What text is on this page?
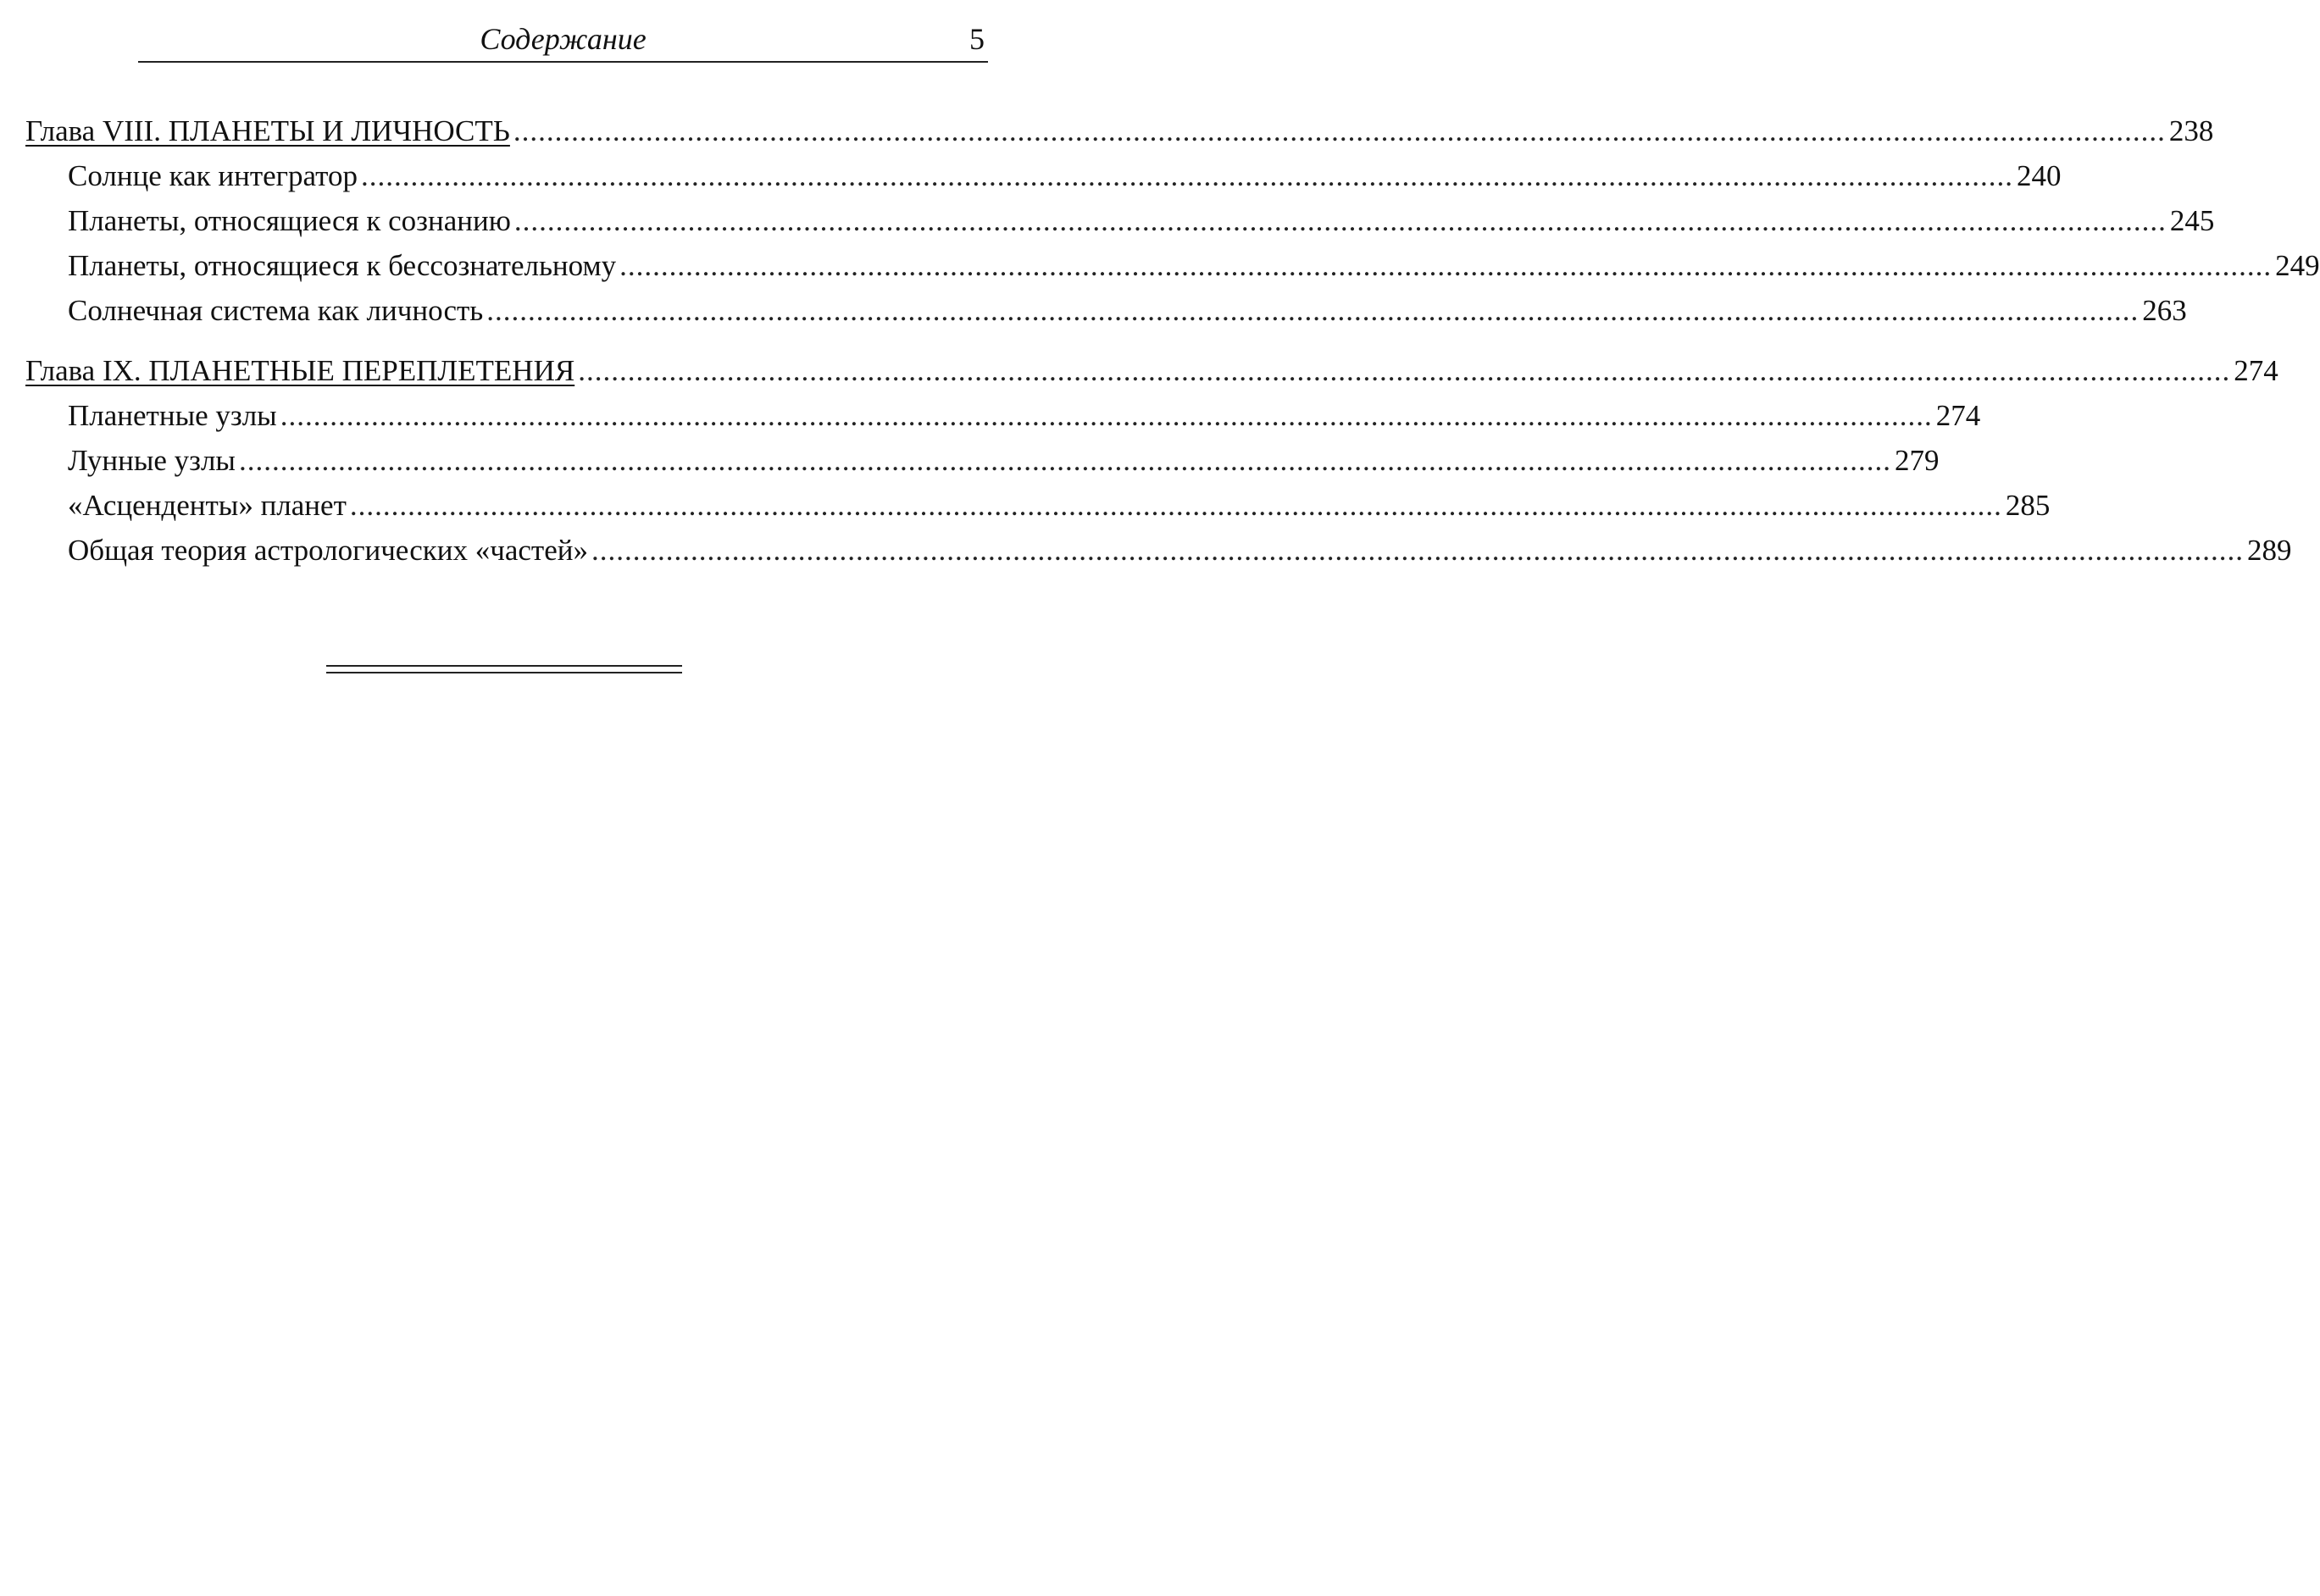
Содержание	5
Глава VIII. ПЛАНЕТЫ И ЛИЧНОСТЬ ........................................................................................................................................................................................................ 238
Солнце как интегратор ........................................................................................................................................................................................................ 240
Планеты, относящиеся к сознанию ........................................................................................................................................................................................................ 245
Планеты, относящиеся к бессознательному ........................................................................................................................................................................................................ 249
Солнечная система как личность ........................................................................................................................................................................................................ 263
Глава IX. ПЛАНЕТНЫЕ ПЕРЕПЛЕТЕНИЯ ........................................................................................................................................................................................................ 274
Планетные узлы ........................................................................................................................................................................................................ 274
Лунные узлы ........................................................................................................................................................................................................ 279
«Асценденты» планет ........................................................................................................................................................................................................ 285
Общая теория астрологических «частей» ........................................................................................................................................................................................................ 289
